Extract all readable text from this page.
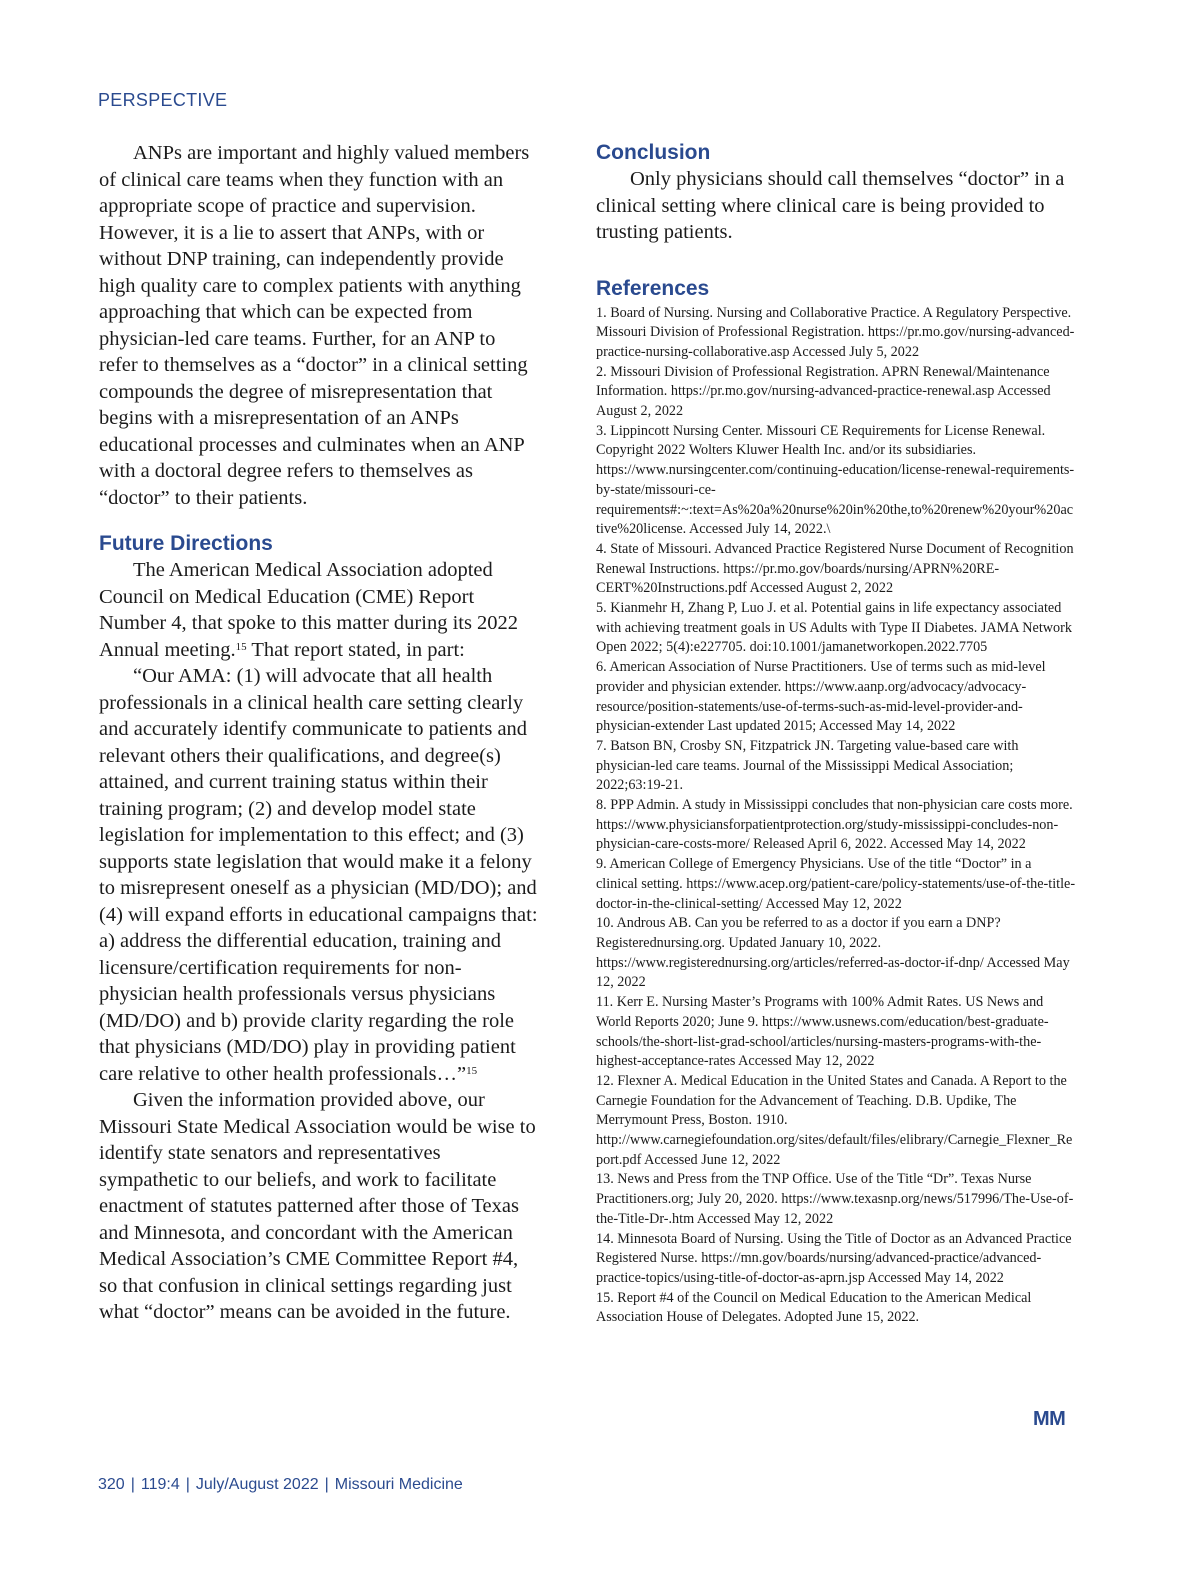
PERSPECTIVE

ANPs are important and highly valued members of clinical care teams when they function with an appropriate scope of practice and supervision. However, it is a lie to assert that ANPs, with or without DNP training, can independently provide high quality care to complex patients with anything approaching that which can be expected from physician-led care teams. Further, for an ANP to refer to themselves as a “doctor” in a clinical setting compounds the degree of misrepresentation that begins with a misrepresentation of an ANPs educational processes and culminates when an ANP with a doctoral degree refers to themselves as “doctor” to their patients.

Future Directions

The American Medical Association adopted Council on Medical Education (CME) Report Number 4, that spoke to this matter during its 2022 Annual meeting.$^{15}$ That report stated, in part:

“Our AMA: (1) will advocate that all health professionals in a clinical health care setting clearly and accurately identify communicate to patients and relevant others their qualifications, and degree(s) attained, and current training status within their training program; (2) and develop model state legislation for implementation to this effect; and (3) supports state legislation that would make it a felony to misrepresent oneself as a physician (MD/DO); and (4) will expand efforts in educational campaigns that: a) address the differential education, training and licensure/certification requirements for non-physician health professionals versus physicians (MD/DO) and b) provide clarity regarding the role that physicians (MD/DO) play in providing patient care relative to other health professionals…”$^{15}$

Given the information provided above, our Missouri State Medical Association would be wise to identify state senators and representatives sympathetic to our beliefs, and work to facilitate enactment of statutes patterned after those of Texas and Minnesota, and concordant with the American Medical Association’s CME Committee Report #4, so that confusion in clinical settings regarding just what “doctor” means can be avoided in the future.

Conclusion

Only physicians should call themselves “doctor” in a clinical setting where clinical care is being provided to trusting patients.

References
1. Board of Nursing. Nursing and Collaborative Practice. A Regulatory Perspective. Missouri Division of Professional Registration. https://pr.mo.gov/nursing-advanced-practice-nursing-collaborative.asp Accessed July 5, 2022
2. Missouri Division of Professional Registration. APRN Renewal/Maintenance Information. https://pr.mo.gov/nursing-advanced-practice-renewal.asp Accessed August 2, 2022
3. Lippincott Nursing Center. Missouri CE Requirements for License Renewal. Copyright 2022 Wolters Kluwer Health Inc. and/or its subsidiaries. https://www.nursingcenter.com/continuing-education/license-renewal-requirements-by-state/missouri-ce-requirements#:~:text=As%20a%20nurse%20in%20the,to%20renew%20your%20active%20license. Accessed July 14, 2022.\
4. State of Missouri. Advanced Practice Registered Nurse Document of Recognition Renewal Instructions. https://pr.mo.gov/boards/nursing/APRN%20RE-CERT%20Instructions.pdf Accessed August 2, 2022
5. Kianmehr H, Zhang P, Luo J. et al. Potential gains in life expectancy associated with achieving treatment goals in US Adults with Type II Diabetes. JAMA Network Open 2022; 5(4):e227705. doi:10.1001/jamanetworkopen.2022.7705
6. American Association of Nurse Practitioners. Use of terms such as mid-level provider and physician extender. https://www.aanp.org/advocacy/advocacy-resource/position-statements/use-of-terms-such-as-mid-level-provider-and-physician-extender Last updated 2015; Accessed May 14, 2022
7. Batson BN, Crosby SN, Fitzpatrick JN. Targeting value-based care with physician-led care teams. Journal of the Mississippi Medical Association; 2022;63:19-21.
8. PPP Admin. A study in Mississippi concludes that non-physician care costs more. https://www.physiciansforpatientprotection.org/study-mississippi-concludes-non-physician-care-costs-more/ Released April 6, 2022. Accessed May 14, 2022
9. American College of Emergency Physicians. Use of the title “Doctor” in a clinical setting. https://www.acep.org/patient-care/policy-statements/use-of-the-title-doctor-in-the-clinical-setting/ Accessed May 12, 2022
10. Androus AB. Can you be referred to as a doctor if you earn a DNP? Registerednursing.org. Updated January 10, 2022. https://www.registerednursing.org/articles/referred-as-doctor-if-dnp/ Accessed May 12, 2022
11. Kerr E. Nursing Master’s Programs with 100% Admit Rates. US News and World Reports 2020; June 9. https://www.usnews.com/education/best-graduate-schools/the-short-list-grad-school/articles/nursing-masters-programs-with-the-highest-acceptance-rates Accessed May 12, 2022
12. Flexner A. Medical Education in the United States and Canada. A Report to the Carnegie Foundation for the Advancement of Teaching. D.B. Updike, The Merrymount Press, Boston. 1910. http://www.carnegiefoundation.org/sites/default/files/elibrary/Carnegie_Flexner_Report.pdf Accessed June 12, 2022
13. News and Press from the TNP Office. Use of the Title “Dr”. Texas Nurse Practitioners.org; July 20, 2020. https://www.texasnp.org/news/517996/The-Use-of-the-Title-Dr-.htm Accessed May 12, 2022
14. Minnesota Board of Nursing. Using the Title of Doctor as an Advanced Practice Registered Nurse. https://mn.gov/boards/nursing/advanced-practice/advanced-practice-topics/using-title-of-doctor-as-aprn.jsp Accessed May 14, 2022
15. Report #4 of the Council on Medical Education to the American Medical Association House of Delegates. Adopted June 15, 2022.
MM
320 | 119:4 | July/August 2022 | Missouri Medicine
